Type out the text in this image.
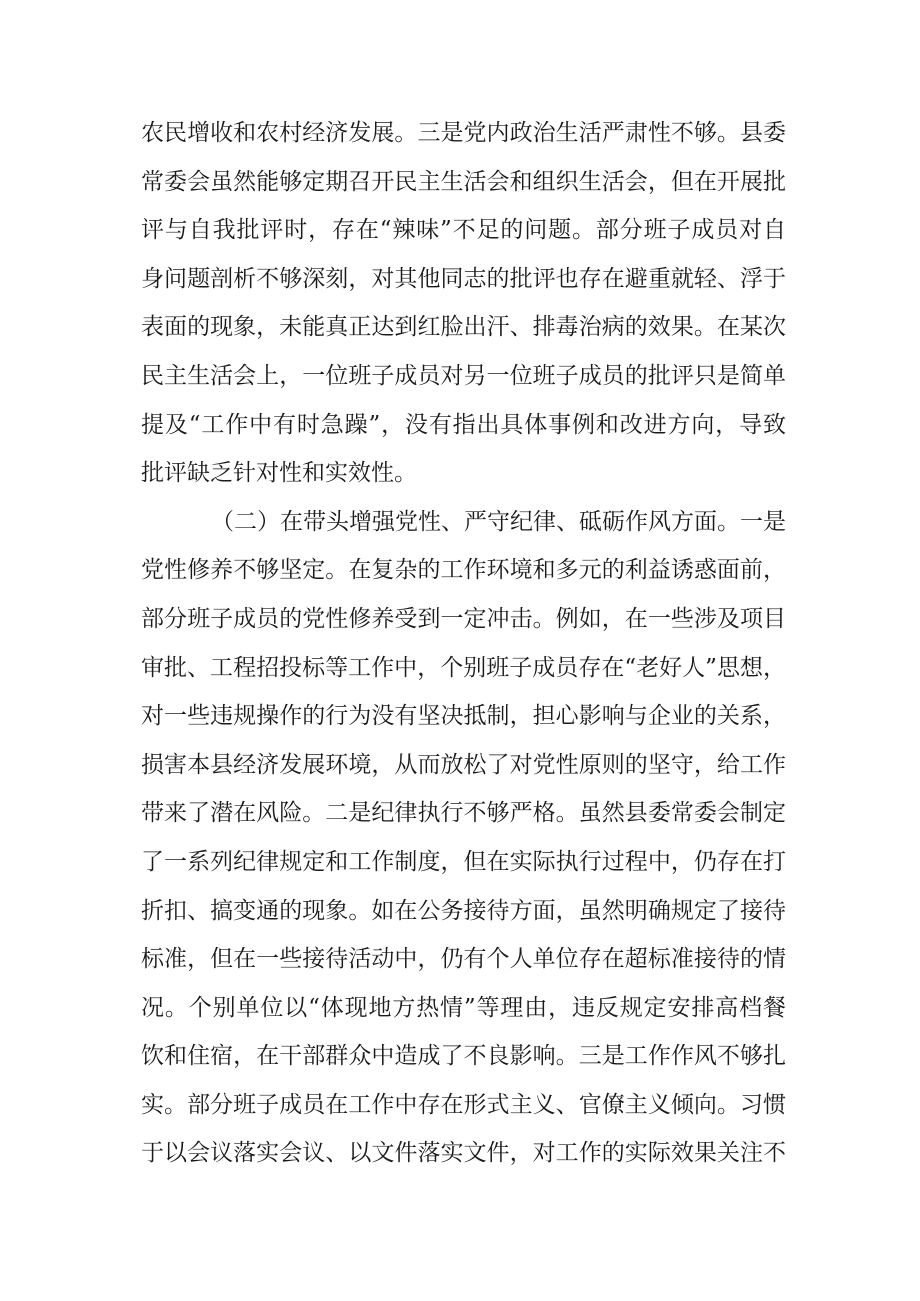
农民增收和农村经济发展。三是党内政治生活严肃性不够。县委
常委会虽然能够定期召开民主生活会和组织生活会，但在开展批
评与自我批评时，存在“辣味”不足的问题。部分班子成员对自
身问题剖析不够深刻，对其他同志的批评也存在避重就轻、浮于
表面的现象，未能真正达到红脸出汗、排毒治病的效果。在某次
民主生活会上，一位班子成员对另一位班子成员的批评只是简单
提及“工作中有时急躁”，没有指出具体事例和改进方向，导致
批评缺乏针对性和实效性。
（二）在带头增强党性、严守纪律、砥砺作风方面。一是
党性修养不够坚定。在复杂的工作环境和多元的利益诱惑面前，
部分班子成员的党性修养受到一定冲击。例如，在一些涉及项目
审批、工程招投标等工作中，个别班子成员存在“老好人”思想，
对一些违规操作的行为没有坚决抵制，担心影响与企业的关系，
损害本县经济发展环境，从而放松了对党性原则的坚守，给工作
带来了潜在风险。二是纪律执行不够严格。虽然县委常委会制定
了一系列纪律规定和工作制度，但在实际执行过程中，仍存在打
折扣、搞变通的现象。如在公务接待方面，虽然明确规定了接待
标准，但在一些接待活动中，仍有个人单位存在超标准接待的情
况。个别单位以“体现地方热情”等理由，违反规定安排高档餐
饮和住宿，在干部群众中造成了不良影响。三是工作作风不够扎
实。部分班子成员在工作中存在形式主义、官僚主义倾向。习惯
于以会议落实会议、以文件落实文件，对工作的实际效果关注不
